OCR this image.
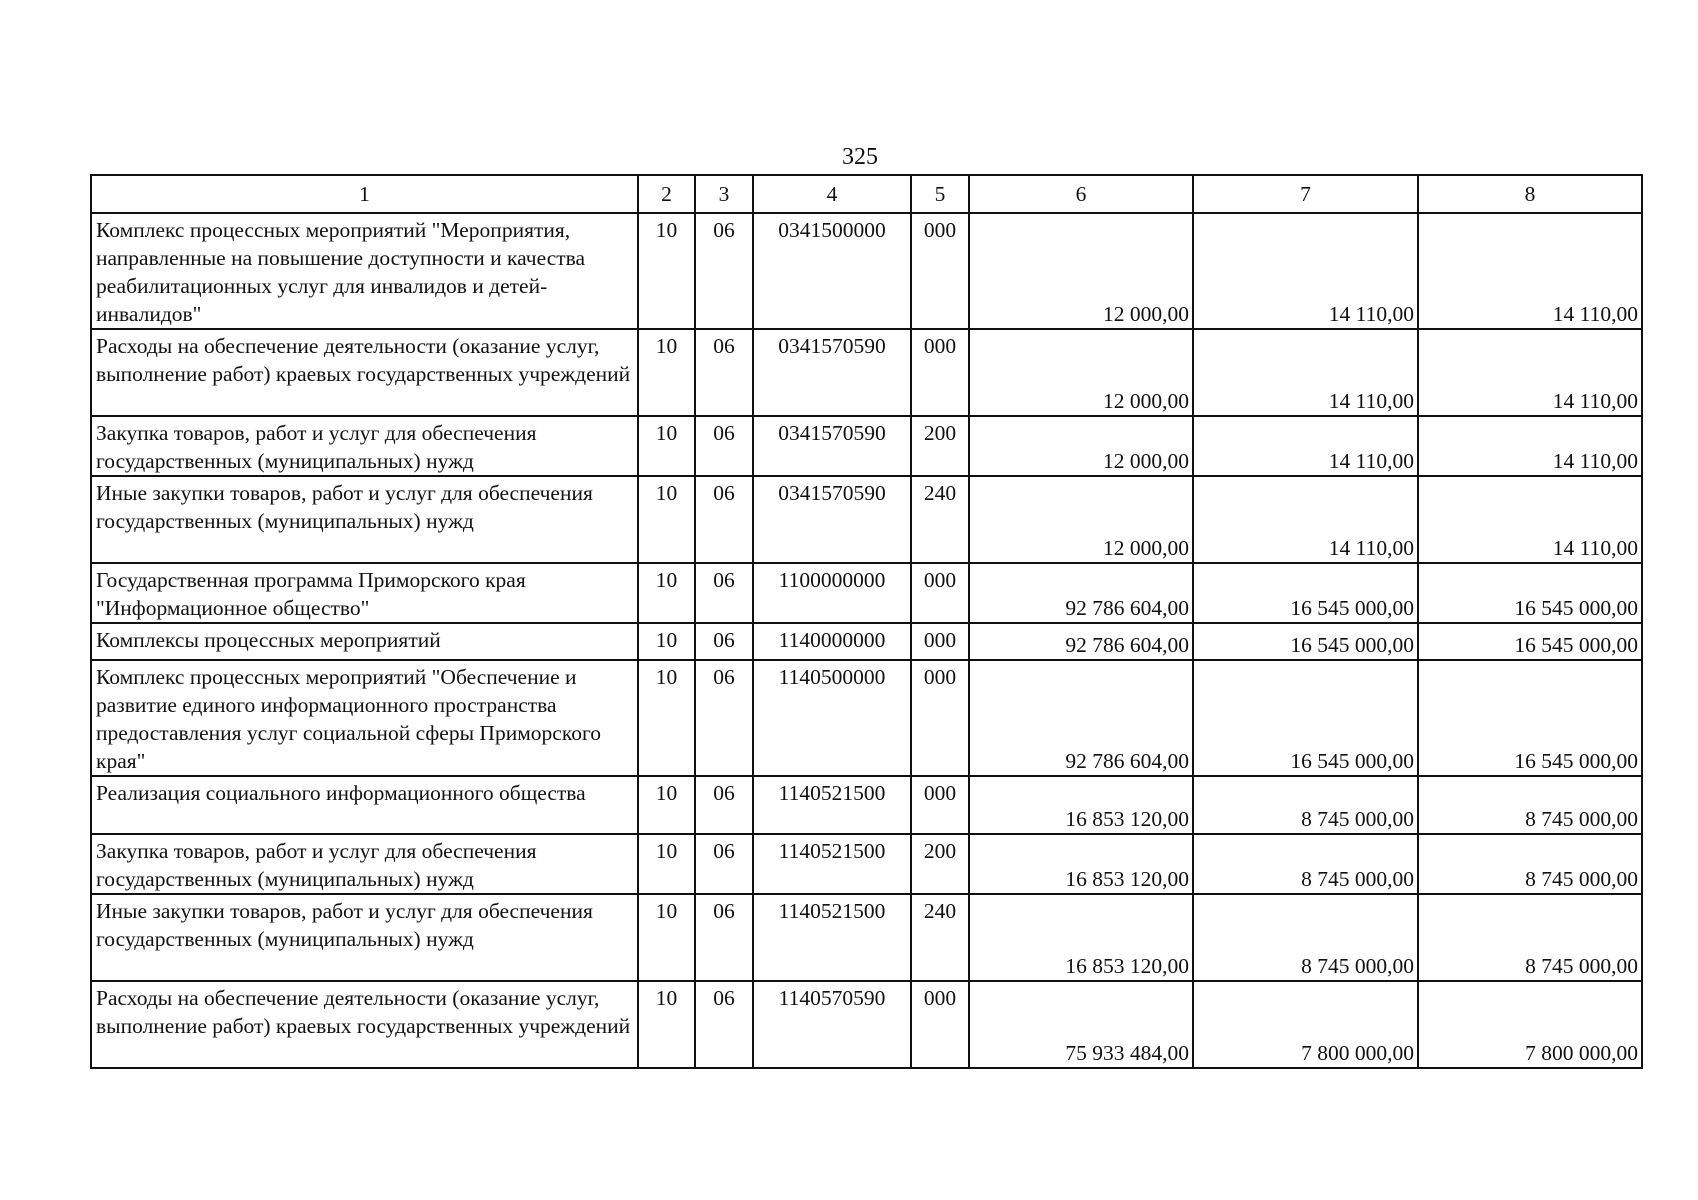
325
1	2	3	4	5	6	7	8
Комплекс процессных мероприятий "Мероприятия, направленные на повышение доступности и качества реабилитационных услуг для инвалидов и детей-инвалидов"	10	06	0341500000	000	12 000,00	14 110,00	14 110,00
Расходы на обеспечение деятельности (оказание услуг, выполнение работ) краевых государственных учреждений	10	06	0341570590	000	12 000,00	14 110,00	14 110,00
Закупка товаров, работ и услуг для обеспечения государственных (муниципальных) нужд	10	06	0341570590	200	12 000,00	14 110,00	14 110,00
Иные закупки товаров, работ и услуг для обеспечения государственных (муниципальных) нужд	10	06	0341570590	240	12 000,00	14 110,00	14 110,00
Государственная программа Приморского края "Информационное общество"	10	06	1100000000	000	92 786 604,00	16 545 000,00	16 545 000,00
Комплексы процессных мероприятий	10	06	1140000000	000	92 786 604,00	16 545 000,00	16 545 000,00
Комплекс процессных мероприятий "Обеспечение и развитие единого информационного пространства предоставления услуг социальной сферы Приморского края"	10	06	1140500000	000	92 786 604,00	16 545 000,00	16 545 000,00
Реализация социального информационного общества	10	06	1140521500	000	16 853 120,00	8 745 000,00	8 745 000,00
Закупка товаров, работ и услуг для обеспечения государственных (муниципальных) нужд	10	06	1140521500	200	16 853 120,00	8 745 000,00	8 745 000,00
Иные закупки товаров, работ и услуг для обеспечения государственных (муниципальных) нужд	10	06	1140521500	240	16 853 120,00	8 745 000,00	8 745 000,00
Расходы на обеспечение деятельности (оказание услуг, выполнение работ) краевых государственных учреждений	10	06	1140570590	000	75 933 484,00	7 800 000,00	7 800 000,00
